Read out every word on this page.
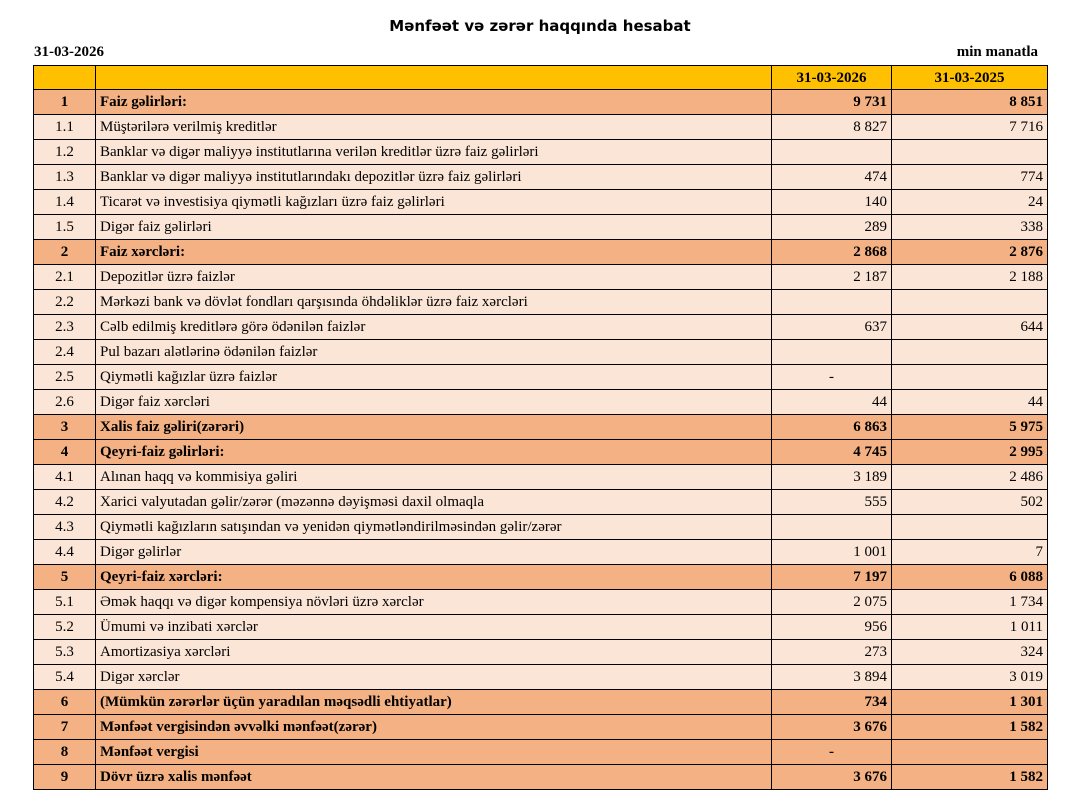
Mənfəət və zərər haqqında hesabat
31-03-2026	min manatla
		31-03-2026	31-03-2025
1	Faiz gəlirləri:	9 731	8 851
1.1	Müştərilərə verilmiş kreditlər	8 827	7 716
1.2	Banklar və digər maliyyə institutlarına verilən kreditlər üzrə faiz gəlirləri		
1.3	Banklar və digər maliyyə institutlarındakı depozitlər üzrə faiz gəlirləri	474	774
1.4	Ticarət və investisiya qiymətli kağızları üzrə faiz gəlirləri	140	24
1.5	Digər faiz gəlirləri	289	338
2	Faiz xərcləri:	2 868	2 876
2.1	Depozitlər üzrə faizlər	2 187	2 188
2.2	Mərkəzi bank və dövlət fondları qarşısında öhdəliklər üzrə faiz xərcləri		
2.3	Cəlb edilmiş kreditlərə görə ödənilən faizlər	637	644
2.4	Pul bazarı alətlərinə ödənilən faizlər		
2.5	Qiymətli kağızlar üzrə faizlər	-	
2.6	Digər faiz xərcləri	44	44
3	Xalis faiz gəliri(zərəri)	6 863	5 975
4	Qeyri-faiz gəlirləri:	4 745	2 995
4.1	Alınan haqq və kommisiya gəliri	3 189	2 486
4.2	Xarici valyutadan gəlir/zərər (məzənnə dəyişməsi daxil olmaqla	555	502
4.3	Qiymətli kağızların satışından və yenidən qiymətləndirilməsindən gəlir/zərər		
4.4	Digər gəlirlər	1 001	7
5	Qeyri-faiz xərcləri:	7 197	6 088
5.1	Əmək haqqı və digər kompensiya növləri üzrə xərclər	2 075	1 734
5.2	Ümumi və inzibati xərclər	956	1 011
5.3	Amortizasiya xərcləri	273	324
5.4	Digər xərclər	3 894	3 019
6	(Mümkün zərərlər üçün yaradılan məqsədli ehtiyatlar)	734	1 301
7	Mənfəət vergisindən əvvəlki mənfəət(zərər)	3 676	1 582
8	Mənfəət vergisi	-	
9	Dövr üzrə xalis mənfəət	3 676	1 582
